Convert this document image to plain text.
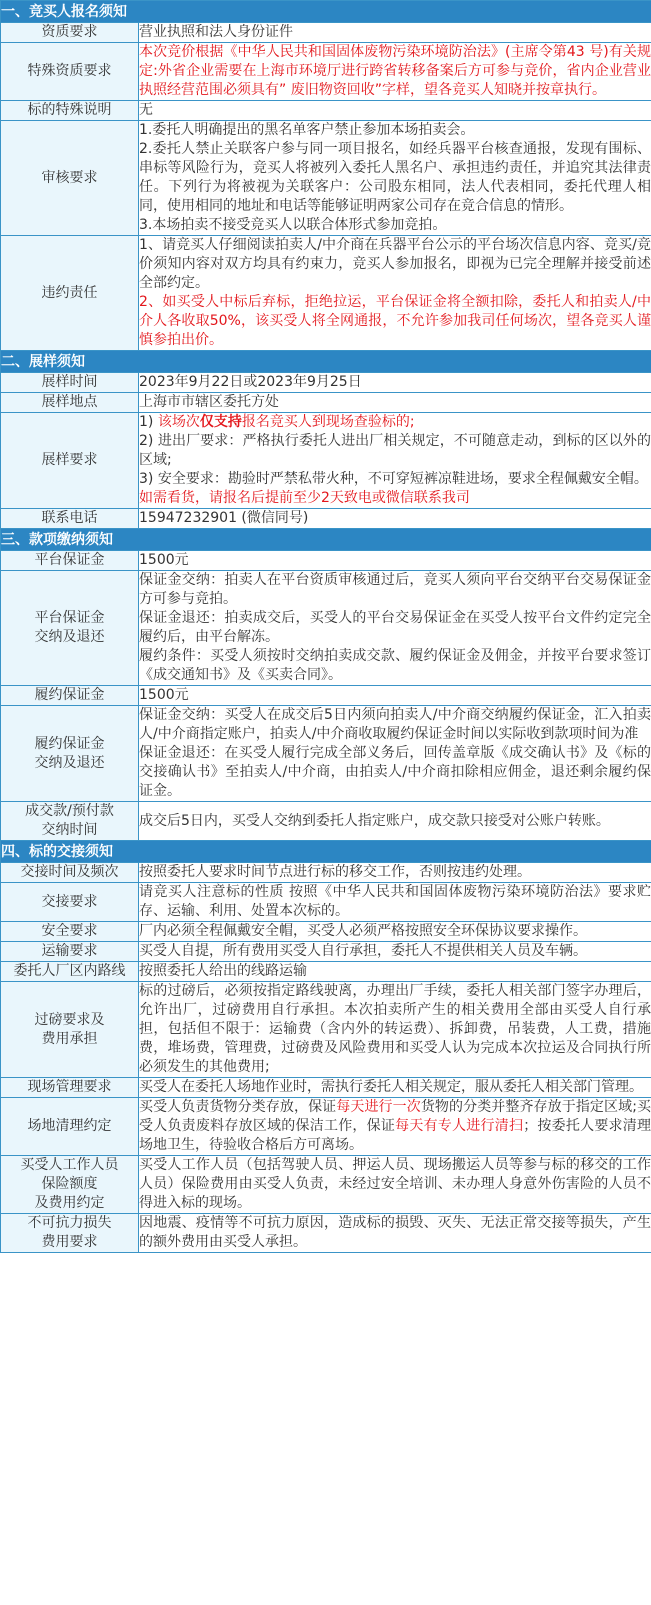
一、竞买人报名须知	
资质要求	营业执照和法人身份证件
特殊资质要求	本次竞价根据《中华人民共和国固体废物污染环境防治法》(主席令第43 号)有关规定:外省企业需要在上海市环境厅进行跨省转移备案后方可参与竞价，省内企业营业执照经营范围必须具有” 废旧物资回收”字样，望各竞买人知晓并按章执行。
标的特殊说明	无
审核要求	1.委托人明确提出的黑名单客户禁止参加本场拍卖会。
2.委托人禁止关联客户参与同一项目报名，如经兵器平台核查通报，发现有围标、串标等风险行为，竞买人将被列入委托人黑名户、承担违约责任，并追究其法律责任。下列行为将被视为关联客户：公司股东相同，法人代表相同，委托代理人相同，使用相同的地址和电话等能够证明两家公司存在竞合信息的情形。
3.本场拍卖不接受竞买人以联合体形式参加竞拍。

违约责任	1、请竞买人仔细阅读拍卖人/中介商在兵器平台公示的平台场次信息内容、竞买/竞价须知内容对双方均具有约束力，竞买人参加报名，即视为已完全理解并接受前述全部约定。
2、如买受人中标后弃标，拒绝拉运，平台保证金将全额扣除，委托人和拍卖人/中介人各收取50%，该买受人将全网通报，不允许参加我司任何场次，望各竞买人谨慎参拍出价。

二、展样须知	
展样时间	2023年9月22日或2023年9月25日
展样地点	上海市市辖区委托方处
展样要求	1) 该场次仅支持报名竞买人到现场查验标的;
2) 进出厂要求：严格执行委托人进出厂相关规定，不可随意走动，到标的区以外的区域;
3) 安全要求：勘验时严禁私带火种，不可穿短裤凉鞋进场，要求全程佩戴安全帽。
如需看货，请报名后提前至少2天致电或微信联系我司

联系电话	15947232901 (微信同号)
三、款项缴纳须知	
平台保证金	1500元

平台保证金
交纳及退还	保证金交纳：拍卖人在平台资质审核通过后，竞买人须向平台交纳平台交易保证金方可参与竞拍。
保证金退还：拍卖成交后，买受人的平台交易保证金在买受人按平台文件约定完全履约后，由平台解冻。
履约条件：买受人须按时交纳拍卖成交款、履约保证金及佣金，并按平台要求签订《成交通知书》及《买卖合同》。

履约保证金	1500元

履约保证金
交纳及退还	保证金交纳：买受人在成交后5日内须向拍卖人/中介商交纳履约保证金，汇入拍卖人/中介商指定账户，拍卖人/中介商收取履约保证金时间以实际收到款项时间为准
保证金退还：在买受人履行完成全部义务后，回传盖章版《成交确认书》及《标的交接确认书》至拍卖人/中介商，由拍卖人/中介商扣除相应佣金，退还剩余履约保证金。

成交款/预付款
交纳时间	成交后5日内，买受人交纳到委托人指定账户，成交款只接受对公账户转账。
四、标的交接须知	
交接时间及频次	按照委托人要求时间节点进行标的移交工作，否则按违约处理。
交接要求	请竞买人注意标的性质 按照《中华人民共和国固体废物污染环境防治法》要求贮存、运输、利用、处置本次标的。
安全要求	厂内必须全程佩戴安全帽，买受人必须严格按照安全环保协议要求操作。
运输要求	买受人自提，所有费用买受人自行承担，委托人不提供相关人员及车辆。
委托人厂区内路线	按照委托人给出的线路运输

过磅要求及
费用承担	标的过磅后，必须按指定路线驶离，办理出厂手续，委托人相关部门签字办理后，允许出厂，过磅费用自行承担。本次拍卖所产生的相关费用全部由买受人自行承担，包括但不限于：运输费（含内外的转运费）、拆卸费，吊装费，人工费，措施费，堆场费，管理费，过磅费及风险费用和买受人认为完成本次拉运及合同执行所必须发生的其他费用;
现场管理要求	买受人在委托人场地作业时，需执行委托人相关规定，服从委托人相关部门管理。
场地清理约定	买受人负责货物分类存放，保证每天进行一次货物的分类并整齐存放于指定区域;买受人负责废料存放区域的保洁工作，保证每天有专人进行清扫；按委托人要求清理场地卫生，待验收合格后方可离场。

买受人工作人员
保险额度
及费用约定	买受人工作人员（包括驾驶人员、押运人员、现场搬运人员等参与标的移交的工作人员）保险费用由买受人负责，未经过安全培训、未办理人身意外伤害险的人员不得进入标的现场。

不可抗力损失
费用要求	因地震、疫情等不可抗力原因，造成标的损毁、灭失、无法正常交接等损失，产生的额外费用由买受人承担。
